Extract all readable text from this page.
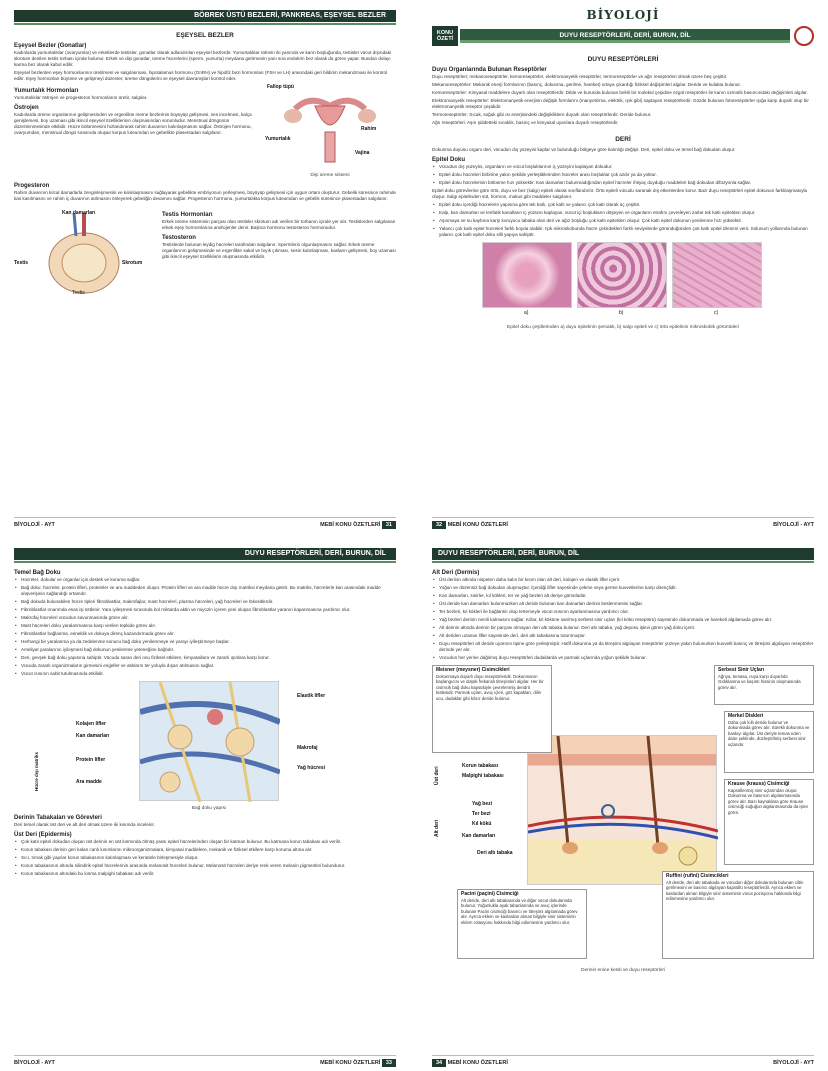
BÖBREK ÜSTÜ BEZLERİ, PANKREAS, EŞEYSEL BEZLER
EŞEYSEL BEZLER
Eşeysel Bezler (Gonatlar)

Kadınlarda yumurtalıklar (ovaryumlar) ve erkeklerde testisler, gonatlar olarak adlandırılan eşeysel bezlerdir. Yumurtalıklar rahmin iki yanında ve karın boşluğunda, testisler vücut dışındaki skrotum denilen testis torbası içinde bulunur. Erkek ve dişi gonatlar, üreme hücrelerini (sperm, yumurta) meydana getirmenin yanı sıra endokrin bez olarak da görev yapar. Bundan dolayı karma bez olarak kabul edilir.

Eşeysel bezlerden eşey hormonlarının üretilmesi ve salgılanması, hipotalamus hormonu (GnRH) ve hipofiz bezi hormonları (FSH ve LH) arasındaki geri bildirim mekanizması ile kontrol edilir. Eşey hormonları büyüme ve gelişmeyi düzenler, üreme döngülerini ve eşeysel davranışları kontrol eder.

Yumurtalık Hormonları

Yumurtalıklar östrojen ve progesteron hormonlarını üretir, salgılar.

Östrojen

Kadınlarda üreme organlarının gelişmesinden ve ergenlikte meme bezlerinin büyüyüp gelişmesi, ses incelmesi, kalça genişlemesi, boy uzaması gibi ikincil eşeysel özelliklerinin oluşmasından sorumludur. Menstrual döngünün düzenlenmesinde etkilidir. Hücre bölünmesini hızlandırarak rahim duvarının kalınlaşmasını sağlar. Östrojen hormonu, ovaryumdan, menstrual döngü sırasında oluşan korpus luteumdan ve gebelikte plasentadan salgılanır.

Fallop tüpü
Rahim
Yumurtalık
Vajina
Dişi üreme sistemi
Progesteron

Rahim duvarının kılcal damarlarla zenginleşmesini ve kalınlaşmasını sağlayarak gebelikte embriyonun yerleşmesi, büyüyüp gelişmesi için uygun ortam oluşturur. Gebelik süresince rahimde kas kasılmasını ve rahim iç duvarının atılmasını önleyerek gebeliğin devamını sağlar. Progesteron hormonu, yumurtalıkta korpus luteumdan ve gebelik süresince plasentadan salgılanır.

Kan damarları
Testis	Skrotum
Testis
Testis Hormonları

Erkek üreme sisteminin parçası olan testisler skrotum adı verilen bir torbanın içinde yer alır. Testislerden salgılanan erkek eşey hormonlarına androjenler denir. Başlıca hormonu testosteron hormonudur.

Testosteron

Testislerde bulunan leydig hücreleri tarafından salgılanır. Spermlerin olgunlaşmasını sağlar. Erkek üreme organlarının gelişmesinde ve ergenlikte sakal ve bıyık çıkması, sesin kalınlaşması, kasların gelişmesi, boy uzaması gibi ikincil eşeysel özelliklerin oluşmasında etkilidir.

BİYOLOJİ - AYT	MEBİ KONU ÖZETLERİ 31
BİYOLOJİ
KONU ÖZETİ	DUYU RESEPTÖRLERİ, DERİ, BURUN, DİL
DUYU RESEPTÖRLERİ
Duyu Organlarında Bulunan Reseptörler

Duyu reseptörleri; mekanoreseptörler, kemoreseptörler, elektromanyetik reseptörler, termoreseptörler ve ağrı reseptörleri olmak üzere beş çeşittir.

Mekanoreseptörler: Mekanik enerji formlarının (basınç, dokunma, gerilme, hareket) ortaya çıkardığı fiziksel değişimleri algılar. Deride ve kulakta bulunur.

Kemoreseptörler: Kimyasal maddelere duyarlı olan reseptörlerdir. Dilde ve burunda bulunan belirli bir molekül çeşidine özgül reseptörler ile kanın ozmotik basıncındaki değişimleri algılar.

Elektromanyetik reseptörler: Elektromanyetik enerjinin değişik formlarını (manyetizma, elektrik, ışık gibi) saptayan reseptörlerdir. Gözde bulunan fotoreseptörler ışığa karşı duyarlı olup bir elektromanyetik reseptör çeşididir.

Termoreseptörler: Sıcak, soğuk gibi ısı enerjisindeki değişikliklere duyarlı olan reseptörlerdir. Deride bulunur.

Ağrı reseptörleri: Aşırı şiddetteki sıcaklık, basınç ve kimyasal uyarılara duyarlı reseptörlerdir.

DERİ

Dokunma duyusu organı deri, vücudun dış yüzeyini kaplar ve bulunduğu bölgeye göre kalınlığı değişir. Deri, epitel doku ve temel bağ dokudan oluşur.

Epitel Doku
• Vücudun dış yüzeyini, organların ve vücut boşluklarının iç yüzeyini kaplayan dokudur.
• Epitel doku hücreleri birbirine yakın şekilde yerleştiklerinden hücreler arası boşluklar çok azdır ya da yoktur.
• Epitel doku hücrelerinin bölünme hızı yüksektir. Kan damarları bulunmadığından epitel hücreler ihtiyaç duyduğu maddeleri bağ dokudan difüzyonla sağlar.

Epitel doku görevlerine göre örtü, duyu ve bez (salgı) epiteli olarak sınıflandırılır. Örtü epiteli vücudu saranak dış etkenlerden korur. Bazı duyu reseptörleri epitel dokunun farklılaşmasıyla oluşur. Salgı epitelinden süt, hormon, mukus gibi maddeler salgılanır.

• Epitel doku içerdiği hücrelerin yapısına göre tek katlı, çok katlı ve yalancı çok katlı olarak üç çeşittir.
• Kalp, kan damarları ve lenfatik kanalların iç yüzünü kaplayan, vücut içi boşlukların döşeyen ve organların etrafını çevreleyen zarlar tek katlı epitelden oluşur.
• Aşınmaya ve su kaybına karşı koruyucu tabaka olan deri ve ağız boşluğu çok katlı epitelden oluşur. Çok katlı epitel dokunun yenilenme hızı yüksektir.
• Yalancı çok katlı epitel hücreleri farklı boyda olabilir. Işık mikroskobunda hücre çekirdekleri farklı seviyelerde göründüğünden çok katlı epitel izlenimi verir. Solunum yollarında bulunan yalancı çok katlı epitel doku silli yapıya sahiptir.
a)	b)	c)
Epitel doku çeşitlerinden a) duyu epitelinin şematik, b) salgı epiteli ve c) örtü epitelinin mikroskobik görüntüleri
32 MEBİ KONU ÖZETLERİ	BİYOLOJİ - AYT
DUYU RESEPTÖRLERİ, DERİ, BURUN, DİL
Temel Bağ Doku
• Hücreler, dokular ve organlar için destek ve koruma sağlar.
• Bağ doku; hücreler, protein lifleri, proteinler ve ara maddeden oluşur. Protein lifleri ve ara madde hücre dışı matriksi meydana getirir. Bu matriks, hücrelerle kan arasındaki madde alışverişinin sağlandığı ortamdır.
• Bağ dokuda bulunabilen hücre tipleri fibroblastlar, makrofajlar, mast hücreleri, plazma hücreleri, yağ hücreleri ve lökositlerdir.
• Fibroblastlar onarımda esas işi üstlenir. Yara iyileşmesi sırasında bol miktarda aktin ve miyozin içeren yeni oluşan fibroblastlar yaranın kapanmasına yardımcı olur.
• Makrofaj hücreleri vücudun savunmasında görev alır.
• Mast hücreleri doku yaralanmasına karşı verilen tepkide görev alır.
• Fibroblastlar bağlanma, esneklik ve dokuya direnç kazandırmada görev alır.
• Herhangi bir yaralanma ya da zedelenme sonucu bağ doku yenilenmeye ve yarayı iyileştirmeye başlar.
• Ameliyat yaralarının iyileşmesi bağ dokunun yenilenme yeteneğine bağlıdır.
• Deri, gevşek bağ doku yapısına sahiptir. Vücudu saran deri onu fiziksel etkilere, kimyasallara ve zararlı ışınlara karşı korur.
• Vücuda zararlı organizmaların girmesini engeller ve atıkların ter yoluyla dışarı atılmasını sağlar.
• Vücut ısısının sabit tutulmasında etkilidir.
Elastik lifler
Kolajen lifler
Kan damarları
Protein lifler
Ara madde
Makrofaj
Yağ hücresi
Hücre dışı matriks
Bağ doku yapısı
Derinin Tabakaları ve Görevleri

Deri temel olarak üst deri ve alt deri olmak üzere iki kısımda incelenir.

Üst Deri (Epidermis)
• Çok katlı epitel dokudan oluşan üst derinin en üst kısmında ölmüş yassı epitel hücrelerinden oluşan bir katman bulunur. Bu katmana korun tabakası adı verilir.
• Korun tabakası derinin geri kalan canlı kısımlarını mikroorganizmalara, kimyasal maddelere, mekanik ve fiziksel etkilere karşı koruma altına alır.
• Sıcı, tırnak gibi yapılar korun tabakasının kalınlaşması ve keratinle birleşmesiyle oluşur.
• Korun tabakasının altında silindirik epitel hücrelerinin arasında melanosit hücreleri bulunur. Melanosit hücreleri deriye renk veren melanin pigmentini bulundurur.
• Korun tabakasının altındaki bu kısma malpighi tabakası adı verilir.
BİYOLOJİ - AYT	MEBİ KONU ÖZETLERİ 33
DUYU RESEPTÖRLERİ, DERİ, BURUN, DİL
Alt Deri (Dermis)
• Üst derinin altında nispeten daha kalın bir kısım olan alt deri, kolajen ve elastik lifler içerir.
• Yoğun ve düzensiz bağ dokudan oluşmuştur. İçerdiği lifler sayesinde çekme veya germe kuvvetlerine karşı dirençlidir.
• Kan damarları, sinirler, kıl kökleri, ter ve yağ bezleri alt deriye gömülüdür.
• Üst deride kan damarları bulunmazken alt deride bulunan kan damarları derinin beslenmesini sağlar.
• Ter bezleri, kıl kökleri ile bağlantılı olup tertemeyle vücut ısısının ayarlanmasına yardımcı olur.
• Yağ bezleri derinin nemli kalmasını sağlar. Kıllar, kıl köküne sarılmış serbest sinir uçları (kıl kökü reseptörü) sayesinde dokunmada ve hareketi algılamada görev alır.
• Alt derinin altında derinin bir parçası olmayan deri altı tabaka bulunur. Deri altı tabaka, yağ deposu işlevi gören yağ doku içerir.
• Alt deriden uzanan lifler sayesinde deri, deri altı tabakasına tutunmuştur.
• Duyu reseptörleri alt deride uyarının tipine göre yerleşmiştir. Hafif dokunma ya da titreşimi algılayan reseptörler yüzeye yakın bulunurken kuvvetli basınç ve titreşimi algılayan reseptörler derinde yer alır.
• Vücudun her yerine dağılmış duyu reseptörleri dudaklarda ve parmak uçlarında yoğun şekilde bulunur.
Korun tabakası
Malpighi tabakası
Yağ bezi
Ter bezi
Kıl kökü
Kan damarları
Deri altı tabaka
Üst deri
Alt deri
Meisner (meysner) Cisimcikleri
Dokunmaya duyarlı duyu reseptörleridir. Dokunmanın başlangıcını ve düşük frekanslı titreşimleri algılar. Her bir cisimcik bağ doku kapsülüyle çevrelenmiş dendrit kütlesidir. Parmak uçları, avuç içleri, göz kapakları, dilin ucu, dudaklar gibi kılsız deride bulunur.
Serbest Sinir Uçları
Ağrıya, temasa, ısıya karşı duyarlıdır. Gıdıklanma ve kaşıntı hissinin oluşmasında görev alır.
Merkel Diskleri
Daha çok kıllı deride bulunur ve dokunmada görev alır. Sürekli dokunma ve baskıyı algılar. Üst deriyle temas eden daire şeklinde, düzleştirilmiş serbest sinir uçlarıdır.
Krause (krauss) Cisimciği
Kapsüllenmiş sinir uçlarından oluşur. Dokunma ve basıncın algılanmasında görev alır. Bazı kaynaklara göre Krause cisimciği soğuğun algılanmasında da işlev görür.
Pacini (paçini) Cisimciği
Alt deride, deri altı tabakasında ve diğer vücut dokularında bulunur. Yoğunlukla ayak tabanlarında ve avuç içlerinde bulunan Pacini cisimciği basıncı ve titreşimi algılamada görev alır. Ayrıca eklem ve kaslardan alınan bilgiyle sinir sisteminin eklem rotasyonu hakkında bilgi edinmesine yardımcı olur.
Ruffini (rufini) Cisimcikleri
Alt deride, deri altı tabakada ve vücudun diğer dokularında bulunan ciltin gerilmesini ve basıncı algılayan kapsüllü reseptörlerdir. Ayrıca eklem ve kaslardan alınan bilgiyle sinir sisteminin vücut pozisyonu hakkında bilgi edinmesine yardımcı olur.
Derinin enine kesiti ve duyu reseptörleri
34 MEBİ KONU ÖZETLERİ	BİYOLOJİ - AYT
